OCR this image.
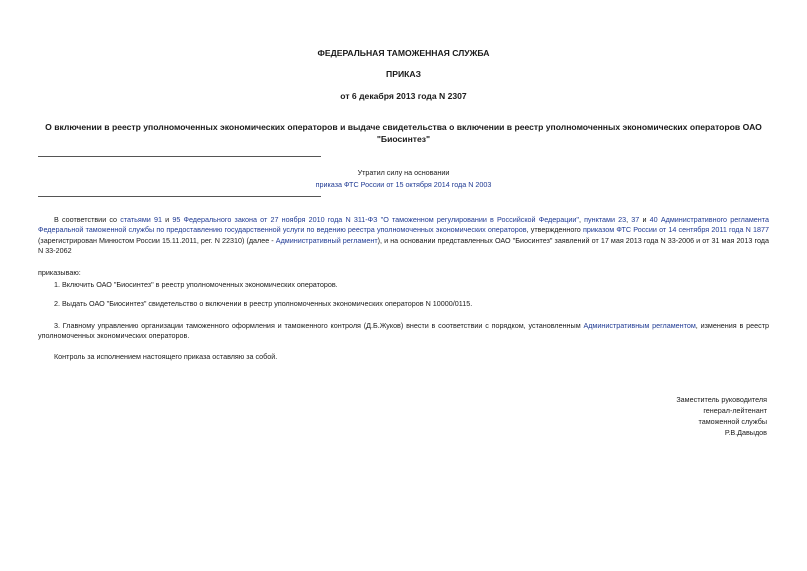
ФЕДЕРАЛЬНАЯ ТАМОЖЕННАЯ СЛУЖБА
ПРИКАЗ
от 6 декабря 2013 года N 2307
О включении в реестр уполномоченных экономических операторов и выдаче свидетельства о включении в реестр уполномоченных экономических операторов ОАО "Биосинтез"
Утратил силу на основании
приказа ФТС России от 15 октября 2014 года N 2003
В соответствии со статьями 91 и 95 Федерального закона от 27 ноября 2010 года N 311-ФЗ "О таможенном регулировании в Российской Федерации", пунктами 23, 37 и 40 Административного регламента Федеральной таможенной службы по предоставлению государственной услуги по ведению реестра уполномоченных экономических операторов, утвержденного приказом ФТС России от 14 сентября 2011 года N 1877 (зарегистрирован Минюстом России 15.11.2011, рег. N 22310) (далее - Административный регламент), и на основании представленных ОАО "Биосинтез" заявлений от 17 мая 2013 года N 33-2006 и от 31 мая 2013 года N 33-2062
приказываю:
1. Включить ОАО "Биосинтез" в реестр уполномоченных экономических операторов.
2. Выдать ОАО "Биосинтез" свидетельство о включении в реестр уполномоченных экономических операторов N 10000/0115.
3. Главному управлению организации таможенного оформления и таможенного контроля (Д.Б.Жуков) внести в соответствии с порядком, установленным Административным регламентом, изменения в реестр уполномоченных экономических операторов.
Контроль за исполнением настоящего приказа оставляю за собой.
Заместитель руководителя
генерал-лейтенант
таможенной службы
Р.В.Давыдов
